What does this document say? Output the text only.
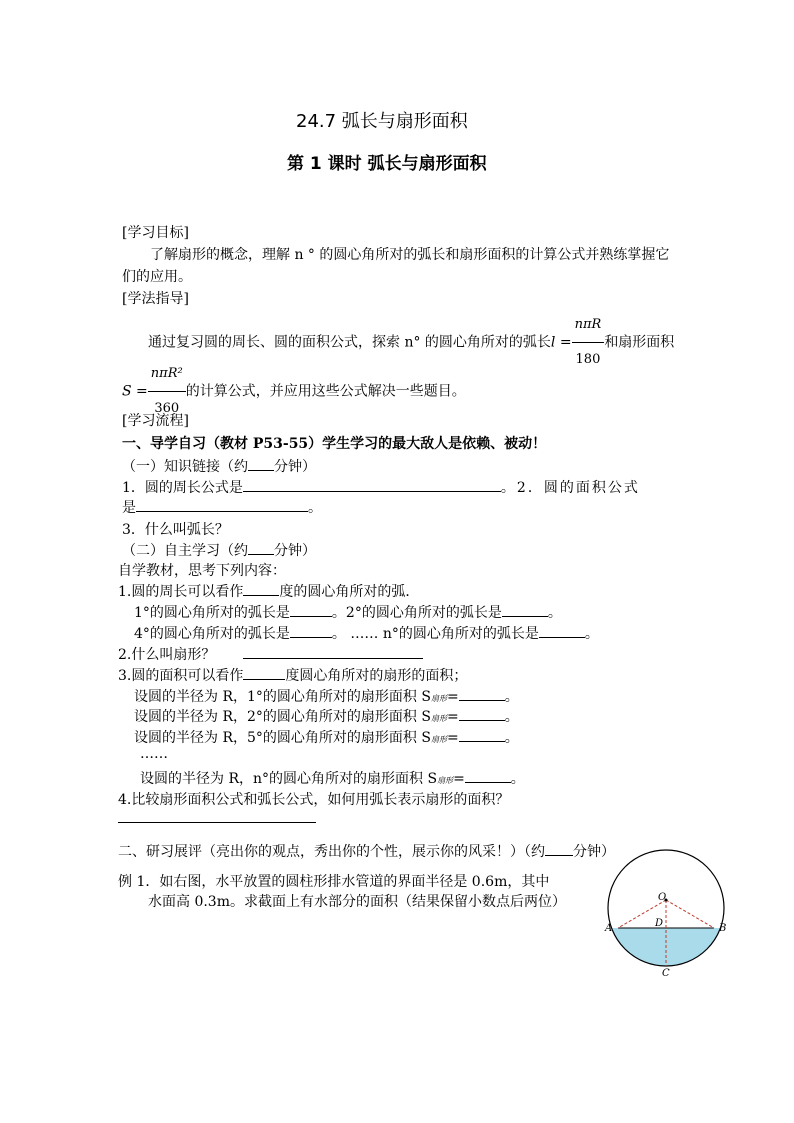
24.7 弧长与扇形面积
第 1 课时 弧长与扇形面积
[学习目标]
了解扇形的概念，理解 n ° 的圆心角所对的弧长和扇形面积的计算公式并熟练掌握它
们的应用。
[学法指导]
通过复习圆的周长、圆的面积公式，探索 n° 的圆心角所对的弧长$l = \frac{\text{nπR}}{180}$ 和扇形面积
$S = \frac{\text{nπR²}}{360}$ 的计算公式，并应用这些公式解决一些题目。
[学习流程]
一、导学自习（教材 P53-55）学生学习的最大敌人是依赖、被动！
（一）知识链接（约 分钟）
1．圆的周长公式是	。2．圆的面积公式
是	。
3．什么叫弧长？
（二）自主学习（约 分钟）
自学教材，思考下列内容：
1.圆的周长可以看作	度的圆心角所对的弧．
1°的圆心角所对的弧长是	。2°的圆心角所对的弧长是	。
4°的圆心角所对的弧长是	。 …… n°的圆心角所对的弧长是	。
2.什么叫扇形？
3.圆的面积可以看作	度圆心角所对的扇形的面积；
设圆的半径为 R，1°的圆心角所对的扇形面积 S扇形=	。
设圆的半径为 R，2°的圆心角所对的扇形面积 S扇形=	。
设圆的半径为 R，5°的圆心角所对的扇形面积 S扇形=	。
……
设圆的半径为 R，n°的圆心角所对的扇形面积 S扇形=	。
4.比较扇形面积公式和弧长公式，如何用弧长表示扇形的面积？
二、研习展评（亮出你的观点，秀出你的个性，展示你的风采！）（约 分钟）
例 1．如右图，水平放置的圆柱形排水管道的界面半径是 0.6m，其中
水面高 0.3m。求截面上有水部分的面积（结果保留小数点后两位）	O
A	B
C
D
